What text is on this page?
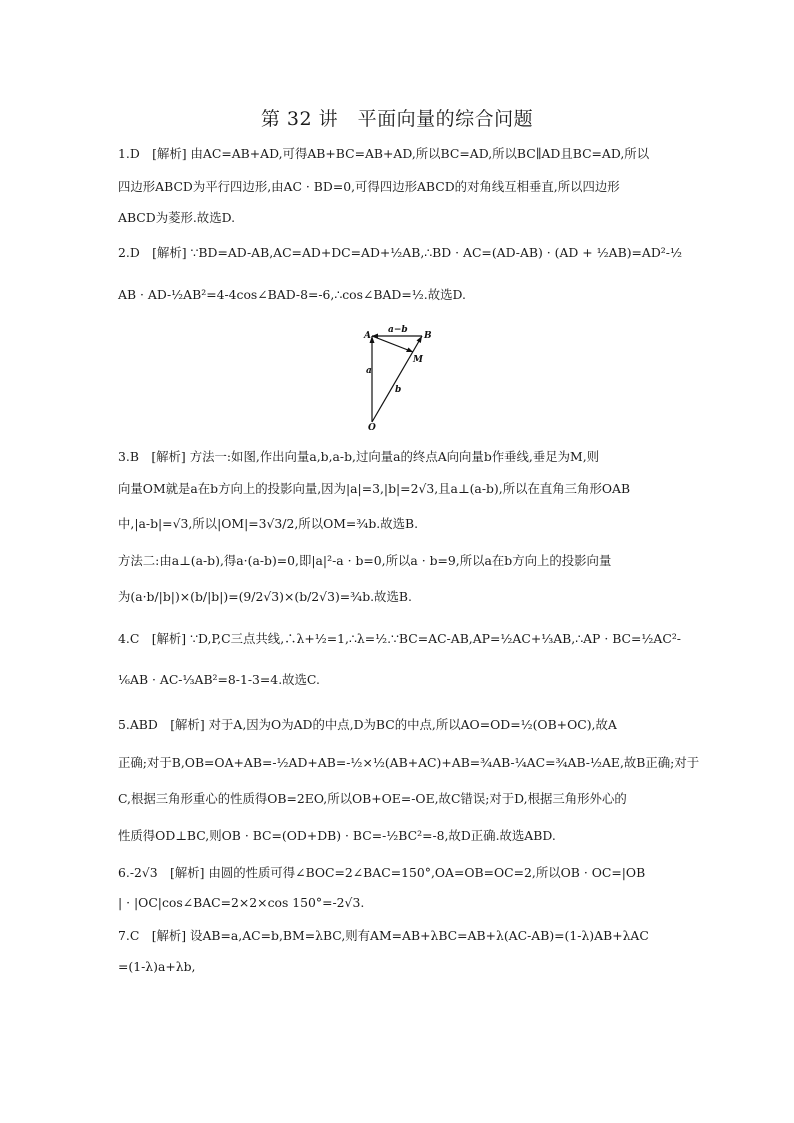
第 32 讲　平面向量的综合问题
1.D　[解析] 由AC=AB+AD,可得AB+BC=AB+AD,所以BC=AD,所以BC∥AD且BC=AD,所以
四边形ABCD为平行四边形,由AC · BD=0,可得四边形ABCD的对角线互相垂直,所以四边形
ABCD为菱形.故选D.
2.D　[解析] ∵BD=AD-AB,AC=AD+DC=AD+½AB,∴BD · AC=(AD-AB) · (AD + ½AB)=AD²-½
AB · AD-½AB²=4-4cos∠BAD-8=-6,∴cos∠BAD=½.故选D.
A	B
M
O
a
b
a−b
3.B　[解析] 方法一:如图,作出向量a,b,a-b,过向量a的终点A向向量b作垂线,垂足为M,则
向量OM就是a在b方向上的投影向量,因为|a|=3,|b|=2√3,且a⊥(a-b),所以在直角三角形OAB
中,|a-b|=√3,所以|OM|=3√3/2,所以OM=¾b.故选B.
方法二:由a⊥(a-b),得a·(a-b)=0,即|a|²-a · b=0,所以a · b=9,所以a在b方向上的投影向量
为(a·b/|b|)×(b/|b|)=(9/2√3)×(b/2√3)=¾b.故选B.
4.C　[解析] ∵D,P,C三点共线,∴λ+½=1,∴λ=½.∵BC=AC-AB,AP=½AC+⅓AB,∴AP · BC=½AC²-
⅙AB · AC-⅓AB²=8-1-3=4.故选C.
5.ABD　[解析] 对于A,因为O为AD的中点,D为BC的中点,所以AO=OD=½(OB+OC),故A
正确;对于B,OB=OA+AB=-½AD+AB=-½×½(AB+AC)+AB=¾AB-¼AC=¾AB-½AE,故B正确;对于
C,根据三角形重心的性质得OB=2EO,所以OB+OE=-OE,故C错误;对于D,根据三角形外心的
性质得OD⊥BC,则OB · BC=(OD+DB) · BC=-½BC²=-8,故D正确.故选ABD.
6.-2√3　[解析] 由圆的性质可得∠BOC=2∠BAC=150°,OA=OB=OC=2,所以OB · OC=|OB
| · |OC|cos∠BAC=2×2×cos 150°=-2√3.
7.C　[解析] 设AB=a,AC=b,BM=λBC,则有AM=AB+λBC=AB+λ(AC-AB)=(1-λ)AB+λAC
=(1-λ)a+λb,
